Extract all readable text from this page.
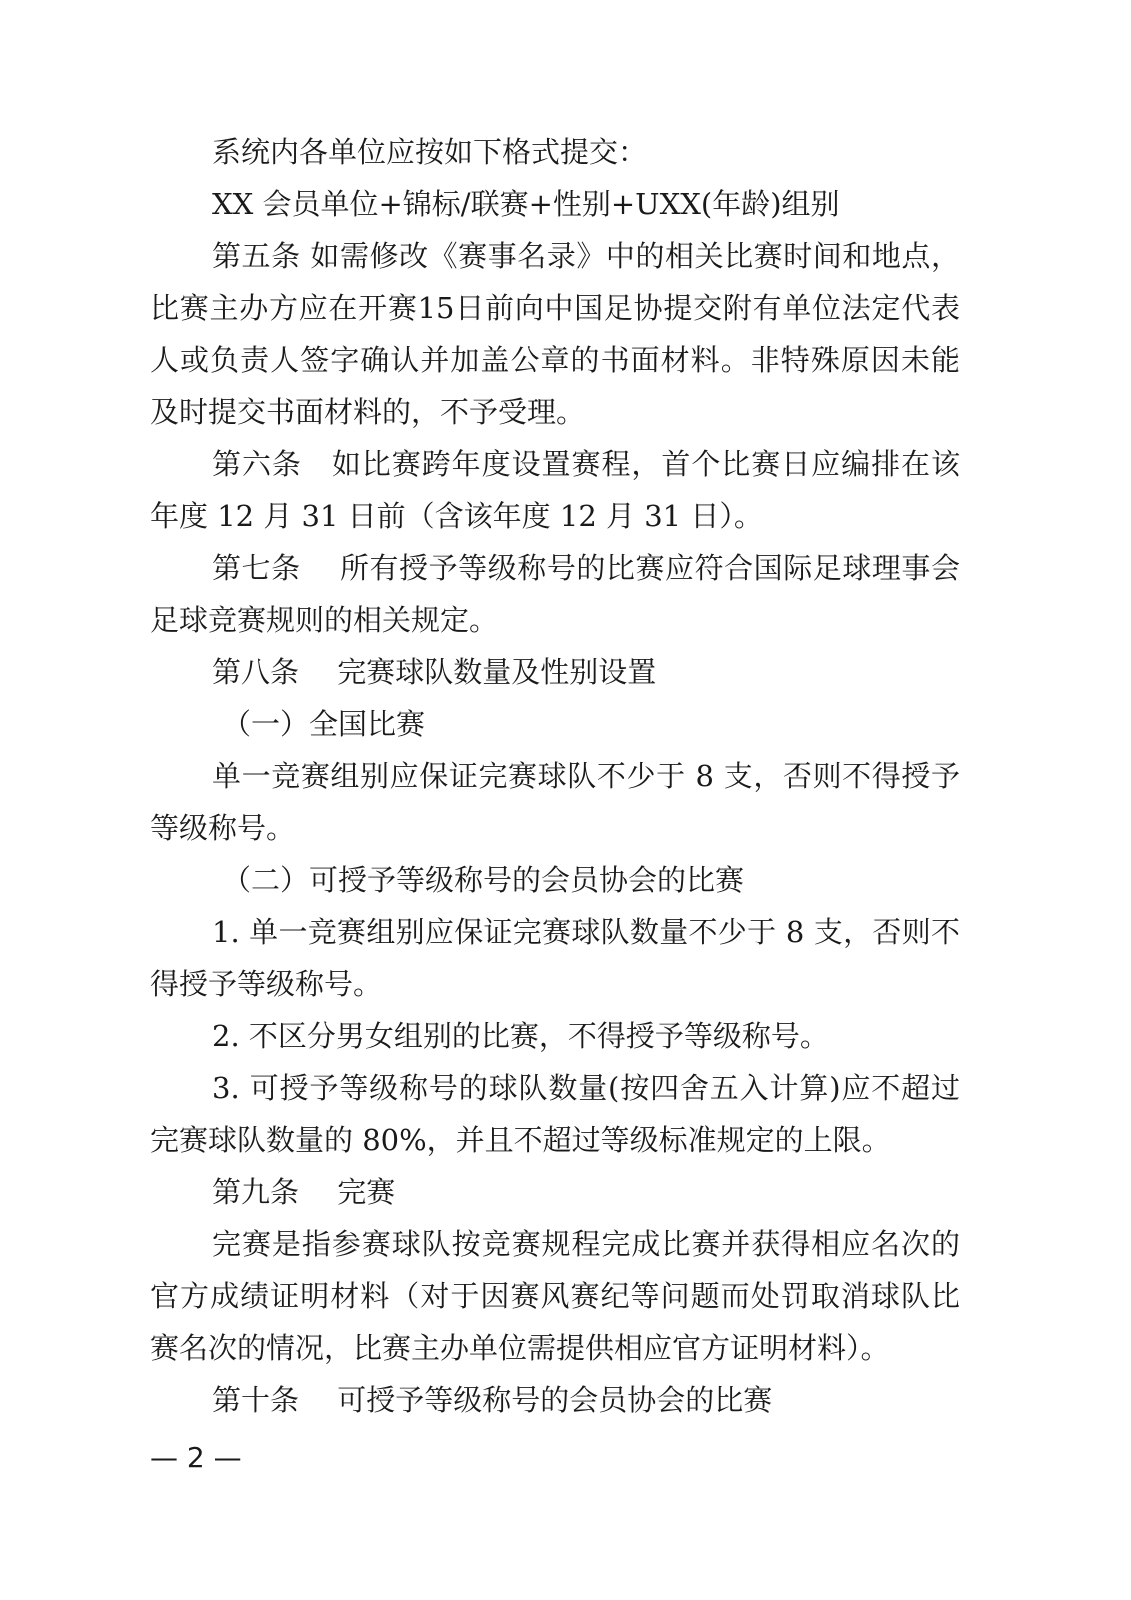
系统内各单位应按如下格式提交：
XX 会员单位+锦标/联赛+性别+UXX(年龄)组别
第五条 如需修改《赛事名录》中的相关比赛时间和地点，
比赛主办方应在开赛15日前向中国足协提交附有单位法定代表
人或负责人签字确认并加盖公章的书面材料。非特殊原因未能
及时提交书面材料的，不予受理。
第六条　如比赛跨年度设置赛程，首个比赛日应编排在该
年度 12 月 31 日前（含该年度 12 月 31 日）。
第七条　 所有授予等级称号的比赛应符合国际足球理事会
足球竞赛规则的相关规定。
第八条　 完赛球队数量及性别设置
（一）全国比赛
单一竞赛组别应保证完赛球队不少于 8 支，否则不得授予
等级称号。
（二）可授予等级称号的会员协会的比赛
1. 单一竞赛组别应保证完赛球队数量不少于 8 支，否则不
得授予等级称号。
2. 不区分男女组别的比赛，不得授予等级称号。
3. 可授予等级称号的球队数量(按四舍五入计算)应不超过
完赛球队数量的 80%，并且不超过等级标准规定的上限。
第九条　 完赛
完赛是指参赛球队按竞赛规程完成比赛并获得相应名次的
官方成绩证明材料（对于因赛风赛纪等问题而处罚取消球队比
赛名次的情况，比赛主办单位需提供相应官方证明材料）。
第十条　 可授予等级称号的会员协会的比赛
— 2 —
